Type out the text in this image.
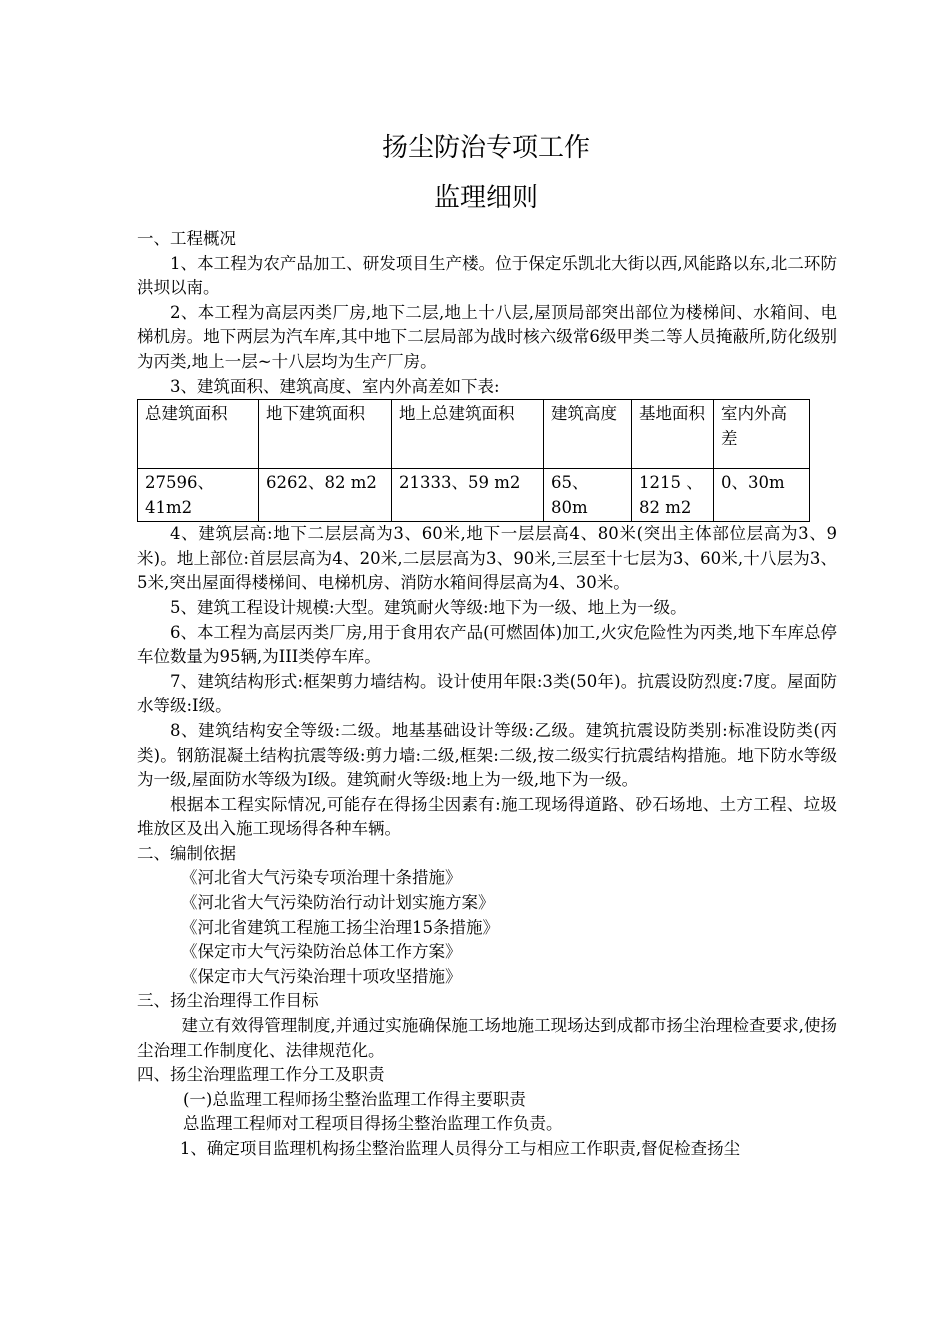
扬尘防治专项工作
监理细则

一、工程概况

1、本工程为农产品加工、研发项目生产楼。位于保定乐凯北大街以西,风能路以东,北二环防洪坝以南。

2、本工程为高层丙类厂房,地下二层,地上十八层,屋顶局部突出部位为楼梯间、水箱间、电梯机房。地下两层为汽车库,其中地下二层局部为战时核六级常6级甲类二等人员掩蔽所,防化级别为丙类,地上一层~十八层均为生产厂房。

3、建筑面积、建筑高度、室内外高差如下表:

总建筑面积	地下建筑面积	地上总建筑面积	建筑高度	基地面积	室内外高差
27596、41m2	6262、82 m2	21333、59 m2	65、80m	1215 、82 m2	0、30m

4、建筑层高:地下二层层高为3、60米,地下一层层高4、80米(突出主体部位层高为3、9米)。地上部位:首层层高为4、20米,二层层高为3、90米,三层至十七层为3、60米,十八层为3、5米,突出屋面得楼梯间、电梯机房、消防水箱间得层高为4、30米。

5、建筑工程设计规模:大型。建筑耐火等级:地下为一级、地上为一级。

6、本工程为高层丙类厂房,用于食用农产品(可燃固体)加工,火灾危险性为丙类,地下车库总停车位数量为95辆,为III类停车库。

7、建筑结构形式:框架剪力墙结构。设计使用年限:3类(50年)。抗震设防烈度:7度。屋面防水等级:I级。

8、建筑结构安全等级:二级。地基基础设计等级:乙级。建筑抗震设防类别:标准设防类(丙类)。钢筋混凝土结构抗震等级:剪力墙:二级,框架:二级,按二级实行抗震结构措施。地下防水等级为一级,屋面防水等级为I级。建筑耐火等级:地上为一级,地下为一级。

根据本工程实际情况,可能存在得扬尘因素有:施工现场得道路、砂石场地、土方工程、垃圾堆放区及出入施工现场得各种车辆。

二、编制依据

《河北省大气污染专项治理十条措施》

《河北省大气污染防治行动计划实施方案》

《河北省建筑工程施工扬尘治理15条措施》

《保定市大气污染防治总体工作方案》

《保定市大气污染治理十项攻坚措施》

三、扬尘治理得工作目标

建立有效得管理制度,并通过实施确保施工场地施工现场达到成都市扬尘治理检查要求,使扬尘治理工作制度化、法律规范化。

四、扬尘治理监理工作分工及职责

(一)总监理工程师扬尘整治监理工作得主要职责

总监理工程师对工程项目得扬尘整治监理工作负责。

1、确定项目监理机构扬尘整治监理人员得分工与相应工作职责,督促检查扬尘
